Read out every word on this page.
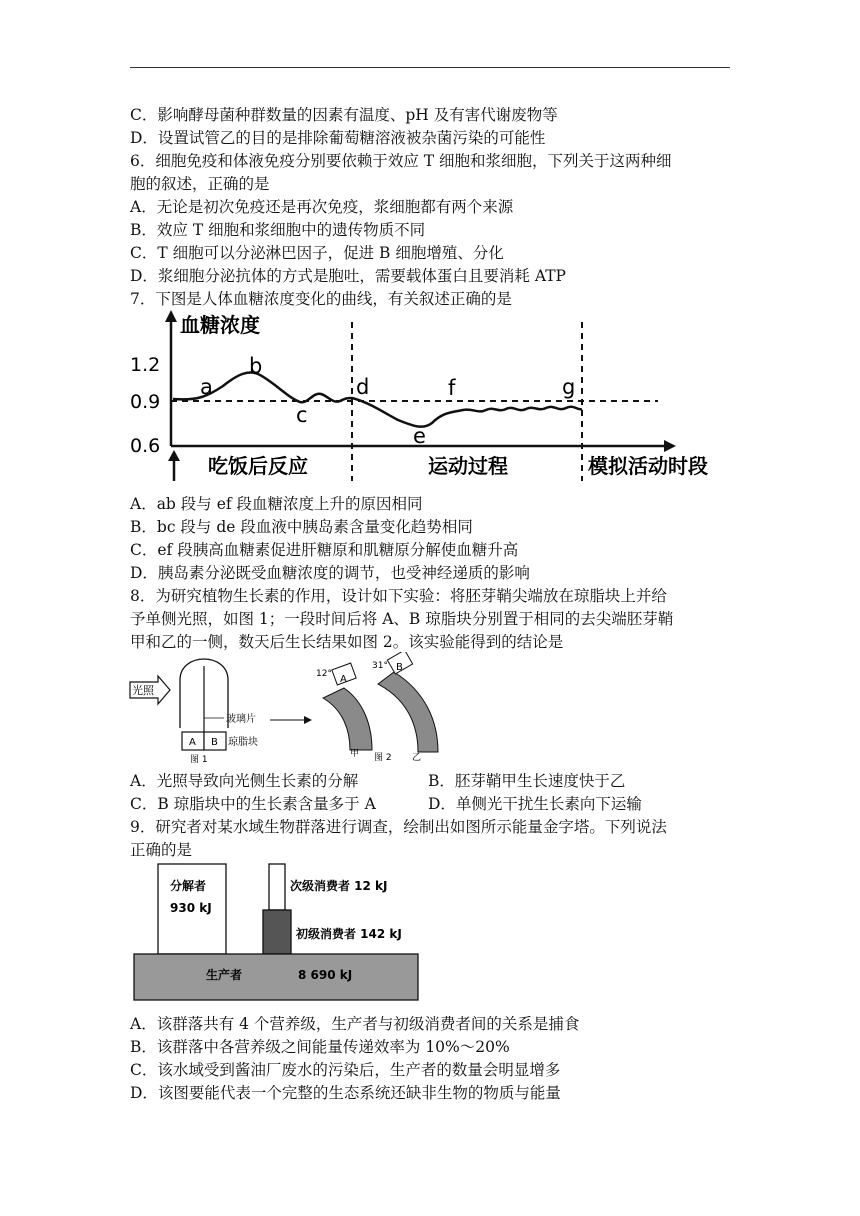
C．影响酵母菌种群数量的因素有温度、pH 及有害代谢废物等
D．设置试管乙的目的是排除葡萄糖溶液被杂菌污染的可能性
6．细胞免疫和体液免疫分别要依赖于效应 T 细胞和浆细胞，下列关于这两种细
胞的叙述，正确的是
A．无论是初次免疫还是再次免疫，浆细胞都有两个来源
B．效应 T 细胞和浆细胞中的遗传物质不同
C．T 细胞可以分泌淋巴因子，促进 B 细胞增殖、分化
D．浆细胞分泌抗体的方式是胞吐，需要载体蛋白且要消耗 ATP
7．下图是人体血糖浓度变化的曲线，有关叙述正确的是
血糖浓度
1.2
0.9
0.6
a
b
c
d
e
f	g
吃饭后反应	运动过程	模拟活动时段
A．ab 段与 ef 段血糖浓度上升的原因相同
B．bc 段与 de 段血液中胰岛素含量变化趋势相同
C．ef 段胰高血糖素促进肝糖原和肌糖原分解使血糖升高
D．胰岛素分泌既受血糖浓度的调节，也受神经递质的影响
8．为研究植物生长素的作用，设计如下实验：将胚芽鞘尖端放在琼脂块上并给
予单侧光照，如图 1；一段时间后将 A、B 琼脂块分别置于相同的去尖端胚芽鞘
甲和乙的一侧，数天后生长结果如图 2。该实验能得到的结论是
光照
玻璃片
A B 琼脂块
图 1
A
12°
甲
B
31°
乙
图 2
A．光照导致向光侧生长素的分解	B．胚芽鞘甲生长速度快于乙
C．B 琼脂块中的生长素含量多于 A	D．单侧光干扰生长素向下运输
9．研究者对某水域生物群落进行调查，绘制出如图所示能量金字塔。下列说法
正确的是
分解者
930 kJ
次级消费者 12 kJ
初级消费者 142 kJ
生产者	8 690 kJ
A．该群落共有 4 个营养级，生产者与初级消费者间的关系是捕食
B．该群落中各营养级之间能量传递效率为 10%～20%
C．该水域受到酱油厂废水的污染后，生产者的数量会明显增多
D．该图要能代表一个完整的生态系统还缺非生物的物质与能量
